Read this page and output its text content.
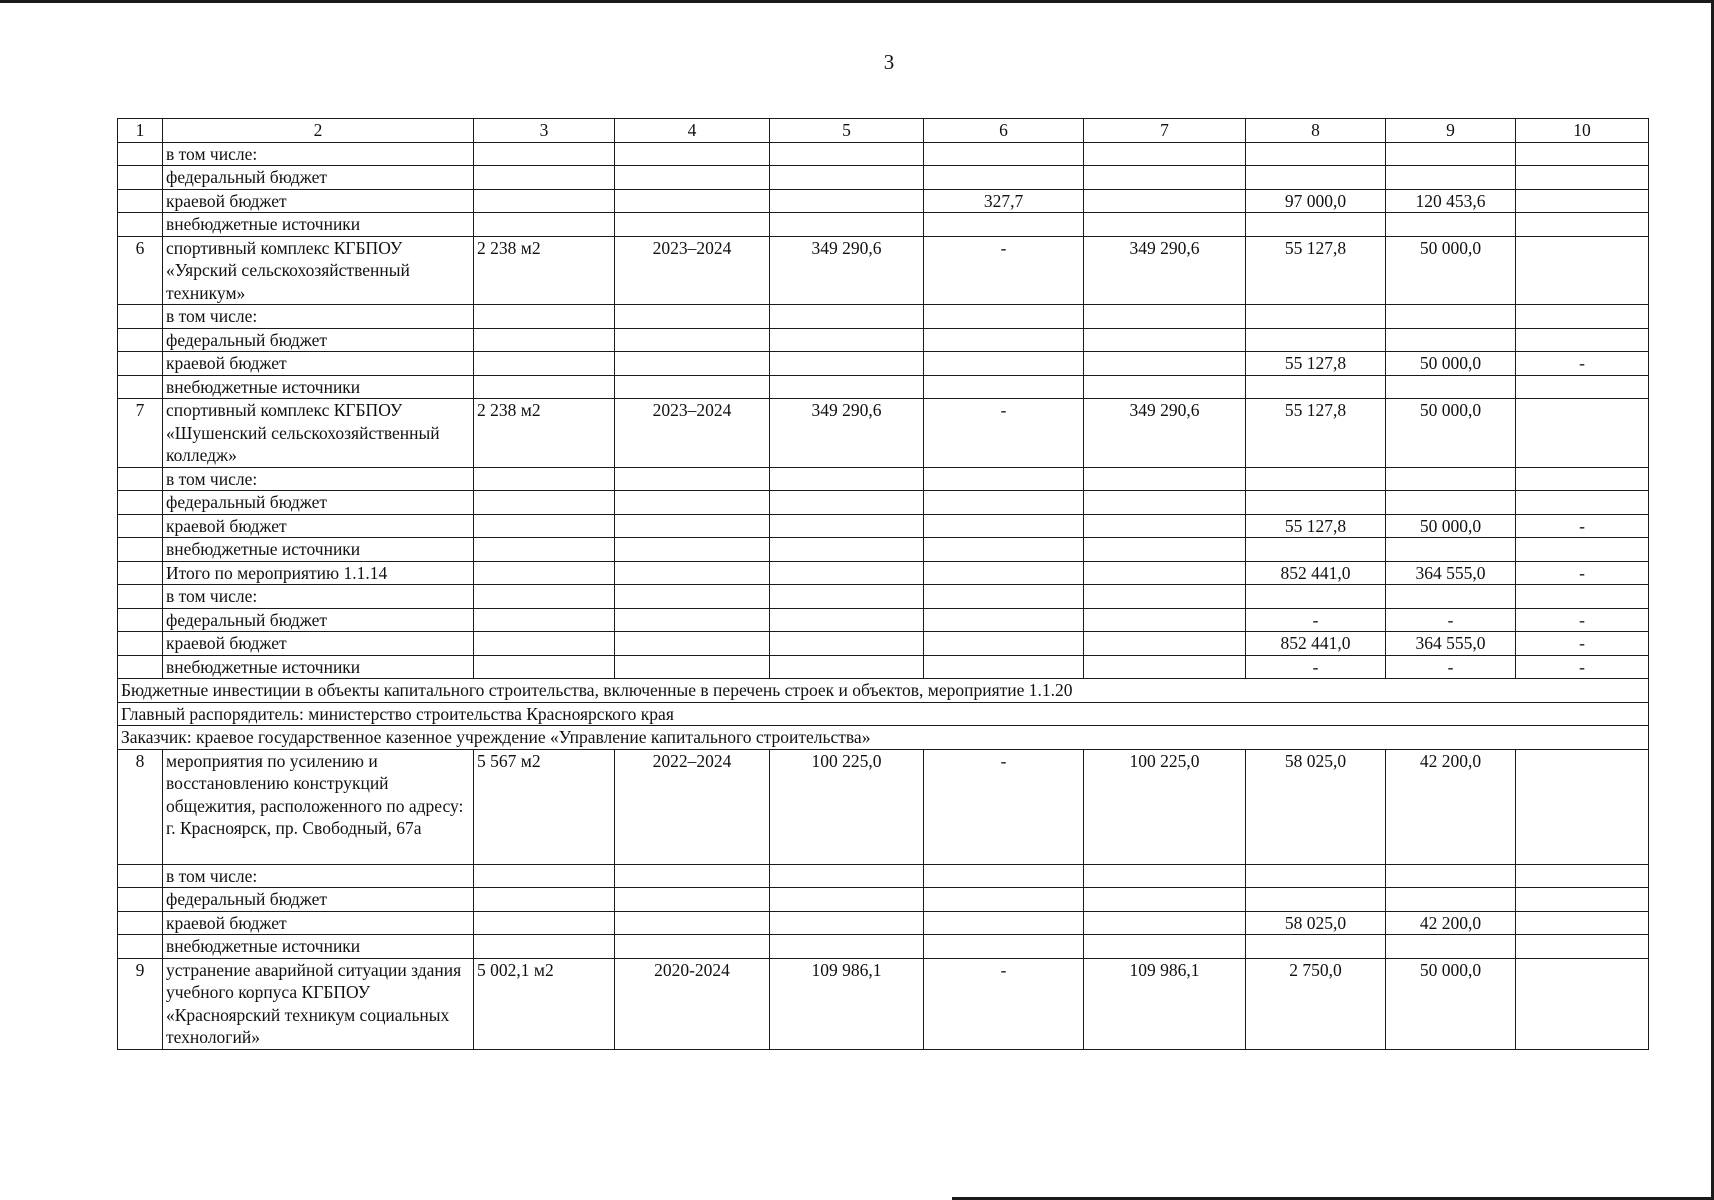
3
1	2	3	4	5	6	7	8	9	10
	в том числе:								
	федеральный бюджет								
	краевой бюджет				327,7		97 000,0	120 453,6	
	внебюджетные источники								
6	спортивный комплекс КГБПОУ «Уярский сельскохозяйственный техникум»	2 238 м2	2023–2024	349 290,6	-	349 290,6	55 127,8	50 000,0	
	в том числе:								
	федеральный бюджет								
	краевой бюджет						55 127,8	50 000,0	-
	внебюджетные источники								
7	спортивный комплекс КГБПОУ «Шушенский сельскохозяйственный колледж»	2 238 м2	2023–2024	349 290,6	-	349 290,6	55 127,8	50 000,0	
	в том числе:								
	федеральный бюджет								
	краевой бюджет						55 127,8	50 000,0	-
	внебюджетные источники								
	Итого по мероприятию 1.1.14						852 441,0	364 555,0	-
	в том числе:								
	федеральный бюджет						-	-	-
	краевой бюджет						852 441,0	364 555,0	-
	внебюджетные источники						-	-	-
Бюджетные инвестиции в объекты капитального строительства, включенные в перечень строек и объектов, мероприятие 1.1.20									
Главный распорядитель: министерство строительства Красноярского края									
Заказчик: краевое государственное казенное учреждение «Управление капитального строительства»									
8	мероприятия по усилению и восстановлению конструкций общежития, расположенного по адресу: г. Красноярск, пр. Свободный, 67а	5 567 м2	2022–2024	100 225,0	-	100 225,0	58 025,0	42 200,0	
	в том числе:								
	федеральный бюджет								
	краевой бюджет						58 025,0	42 200,0	
	внебюджетные источники								
9	устранение аварийной ситуации здания учебного корпуса КГБПОУ «Красноярский техникум социальных технологий»	5 002,1 м2	2020-2024	109 986,1	-	109 986,1	2 750,0	50 000,0	
